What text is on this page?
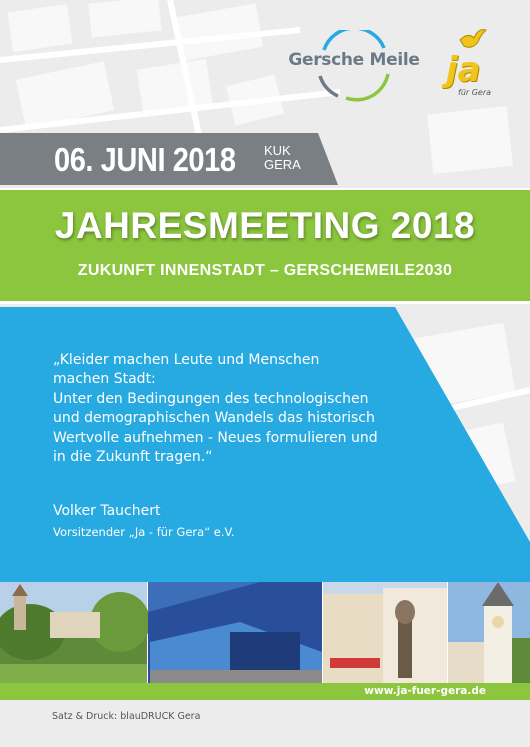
Gersche Meile ja
für Gera
06. JUNI 2018 KUK
GERA
JAHRESMEETING 2018
ZUKUNFT INNENSTADT – GERSCHEMEILE2030
„Kleider machen Leute und Menschen
machen Stadt:
Unter den Bedingungen des technologischen
und demographischen Wandels das historisch
Wertvolle aufnehmen - Neues formulieren und
in die Zukunft tragen.“
Volker Tauchert
Vorsitzender „Ja - für Gera“ e.V.
www.ja-fuer-gera.de
Satz & Druck: blauDRUCK Gera
